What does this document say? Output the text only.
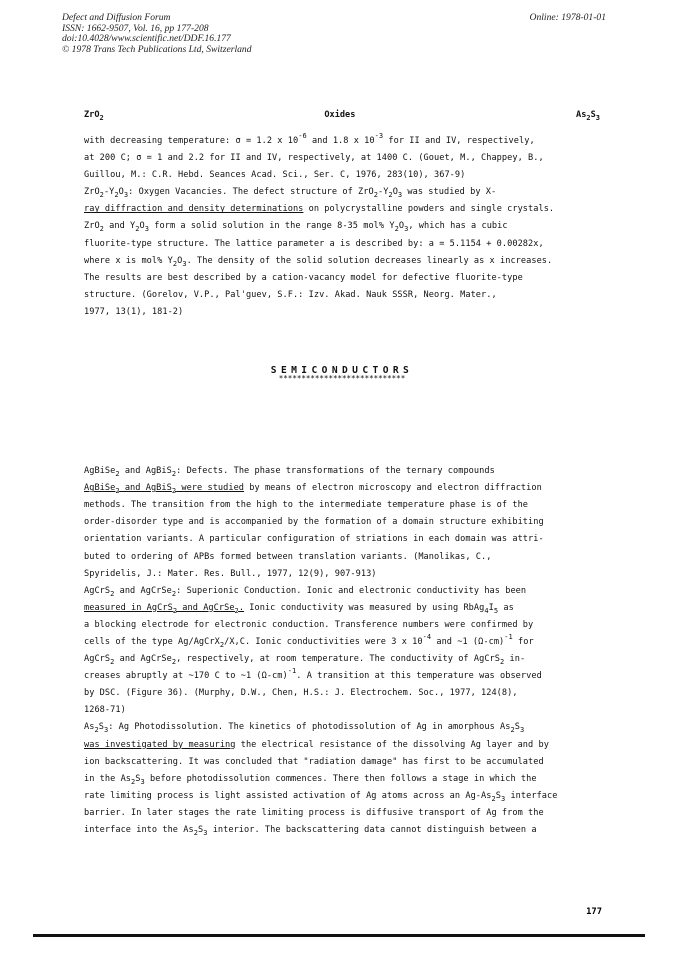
Defect and Diffusion Forum
ISSN: 1662-9507, Vol. 16, pp 177-208
doi:10.4028/www.scientific.net/DDF.16.177
© 1978 Trans Tech Publications Ltd, Switzerland
Online: 1978-01-01
ZrO$_2$	Oxides	$As_2S_3$
with decreasing temperature: σ = 1.2 x $10^{-6}$ and 1.8 x $10^{-3}$ for II and IV, respectively,
at 200 C; σ = 1 and 2.2 for II and IV, respectively, at 1400 C. (Gouet, M., Chappey, B.,
Guillou, M.: C.R. Hebd. Seances Acad. Sci., Ser. C, 1976, 283(10), 367-9)
$ZrO_2-Y_2O_3$: Oxygen Vacancies. The defect structure of $ZrO_2-Y_2O_3$ was studied by X-
ray diffraction and density determinations on polycrystalline powders and single crystals.
ZrO$_2$ and $Y_2O_3$ form a solid solution in the range 8-35 mol% $Y_2O_3$, which has a cubic
fluorite-type structure. The lattice parameter a is described by: a = 5.1154 + 0.00282x,
where x is mol% $Y_2O_3$. The density of the solid solution decreases linearly as x increases.
The results are best described by a cation-vacancy model for defective fluorite-type
structure. (Gorelov, V.P., Pal'guev, S.F.: Izv. Akad. Nauk SSSR, Neorg. Mater.,
1977, 13(1), 181-2)
SEMICONDUCTORS
****************************
AgBiSe$_2$ and AgBiS$_2$: Defects. The phase transformations of the ternary compounds
AgBiSe$_2$ and AgBiS$_2$ were studied by means of electron microscopy and electron diffraction
methods. The transition from the high to the intermediate temperature phase is of the
order-disorder type and is accompanied by the formation of a domain structure exhibiting
orientation variants. A particular configuration of striations in each domain was attri-
buted to ordering of APBs formed between translation variants. (Manolikas, C.,
Spyridelis, J.: Mater. Res. Bull., 1977, 12(9), 907-913)
AgCrS$_2$ and AgCrSe$_2$: Superionic Conduction. Ionic and electronic conductivity has been
measured in AgCrS$_2$ and AgCrSe$_2$. Ionic conductivity was measured by using $RbAg_4I_5$ as
a blocking electrode for electronic conduction. Transference numbers were confirmed by
cells of the type Ag/AgCrX$_2$/X,C. Ionic conductivities were 3 x $10^{-4}$ and ~1 $(\Omega-cm)^{-1}$ for
AgCrS$_2$ and AgCrSe$_2$, respectively, at room temperature. The conductivity of AgCrS$_2$ in-
creases abruptly at ~170 C to ~1 $(\Omega-cm)^{-1}$. A transition at this temperature was observed
by DSC. (Figure 36). (Murphy, D.W., Chen, H.S.: J. Electrochem. Soc., 1977, 124(8),
1268-71)
$As_2S_3$: Ag Photodissolution. The kinetics of photodissolution of Ag in amorphous $As_2S_3$
was investigated by measuring the electrical resistance of the dissolving Ag layer and by
ion backscattering. It was concluded that "radiation damage" has first to be accumulated
in the $As_2S_3$ before photodissolution commences. There then follows a stage in which the
rate limiting process is light assisted activation of Ag atoms across an $Ag-As_2S_3$ interface
barrier. In later stages the rate limiting process is diffusive transport of Ag from the
interface into the $As_2S_3$ interior. The backscattering data cannot distinguish between a
177
